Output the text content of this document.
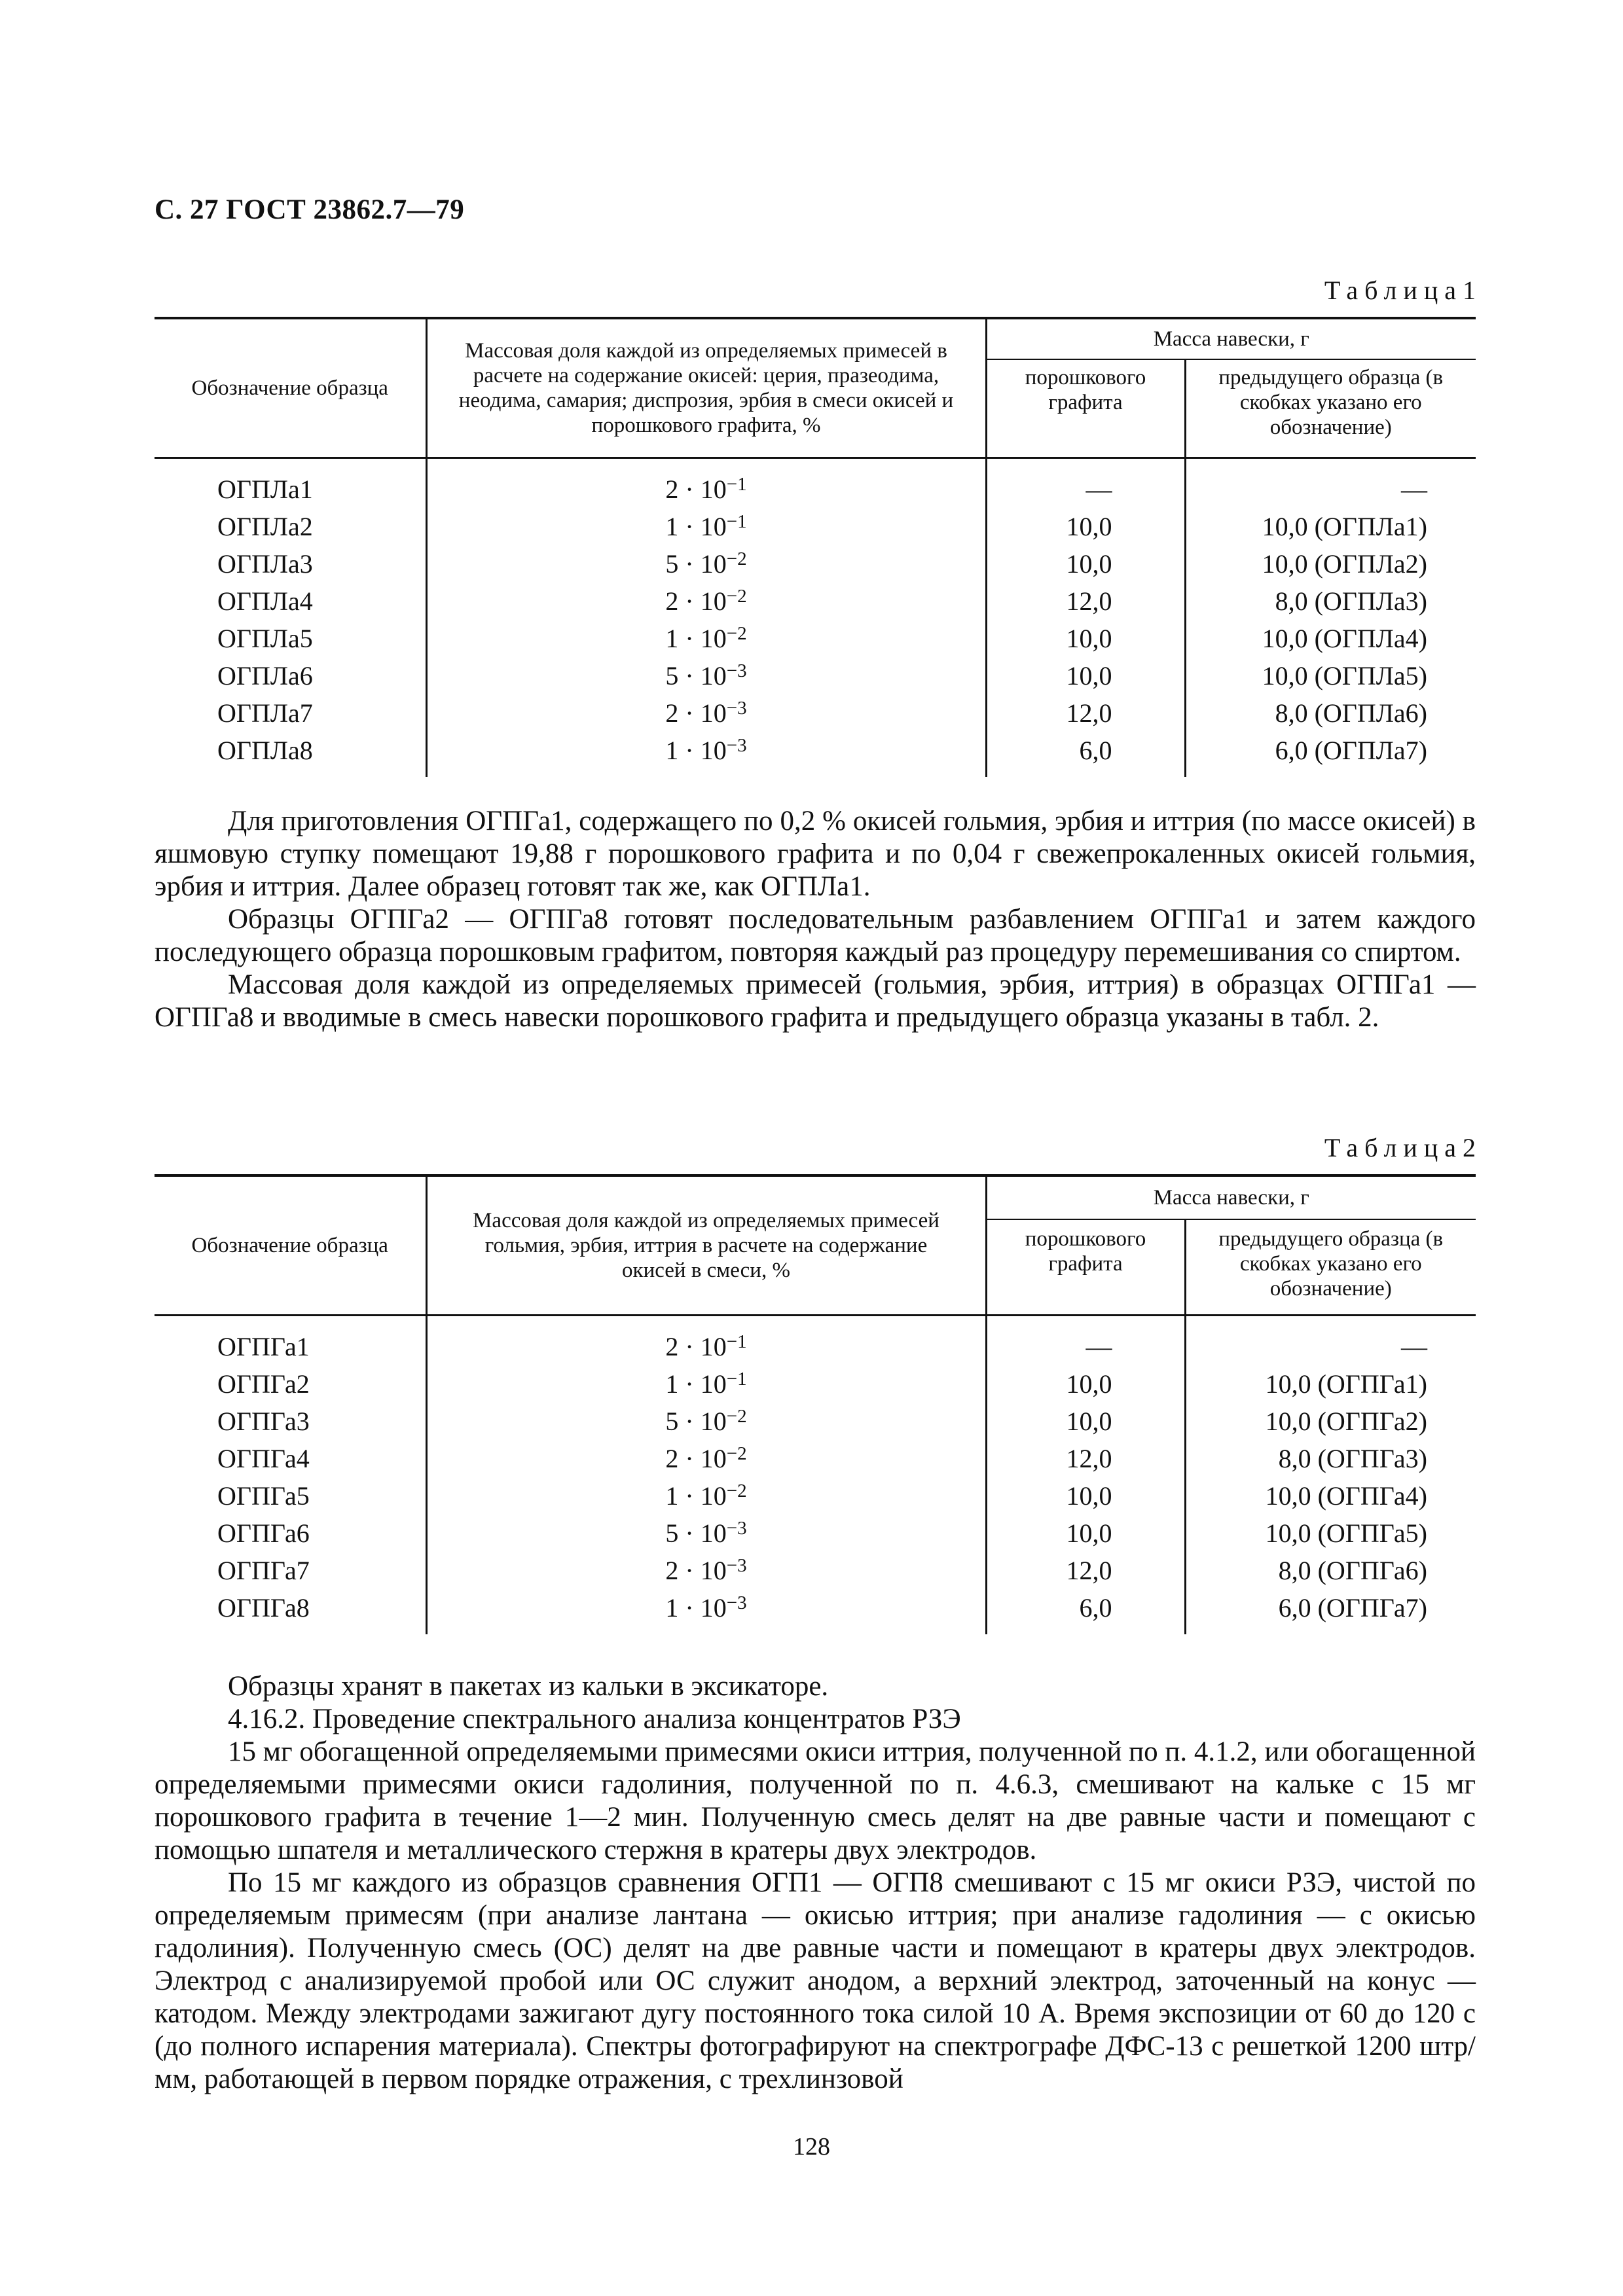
С. 27 ГОСТ 23862.7—79
Таблица1
Обозначение образца	Массовая доля каждой из определяемых примесей в расчете на содержание окисей: церия, празеодима, неодима, самария; диспрозия, эрбия в смеси окисей и порошкового графита, %	Масса навески, г	
		порошкового графита	предыдущего образца (в скобках указано его обозначение)
ОГПЛа1	$2 \cdot 10^{-1}$	—	—
ОГПЛа2	$1 \cdot 10^{-1}$	10,0	10,0 (ОГПЛа1)
ОГПЛа3	$5 \cdot 10^{-2}$	10,0	10,0 (ОГПЛа2)
ОГПЛа4	$2 \cdot 10^{-2}$	12,0	8,0 (ОГПЛа3)
ОГПЛа5	$1 \cdot 10^{-2}$	10,0	10,0 (ОГПЛа4)
ОГПЛа6	$5 \cdot 10^{-3}$	10,0	10,0 (ОГПЛа5)
ОГПЛа7	$2 \cdot 10^{-3}$	12,0	8,0 (ОГПЛа6)
ОГПЛа8	$1 \cdot 10^{-3}$	6,0	6,0 (ОГПЛа7)

Для приготовления ОГПГа1, содержащего по 0,2 % окисей гольмия, эрбия и иттрия (по массе окисей) в яшмовую ступку помещают 19,88 г порошкового графита и по 0,04 г свежепрокаленных окисей гольмия, эрбия и иттрия. Далее образец готовят так же, как ОГПЛа1.

Образцы ОГПГа2 — ОГПГа8 готовят последовательным разбавлением ОГПГа1 и затем каждого последующего образца порошковым графитом, повторяя каждый раз процедуру перемешивания со спиртом.

Массовая доля каждой из определяемых примесей (гольмия, эрбия, иттрия) в образцах ОГПГа1 — ОГПГа8 и вводимые в смесь навески порошкового графита и предыдущего образца указаны в табл. 2.

Таблица2
Обозначение образца	Массовая доля каждой из определяемых примесей гольмия, эрбия, иттрия в расчете на содержание окисей в смеси, %	Масса навески, г	
		порошкового графита	предыдущего образца (в скобках указано его обозначение)
ОГПГа1	$2 \cdot 10^{-1}$	—	—
ОГПГа2	$1 \cdot 10^{-1}$	10,0	10,0 (ОГПГа1)
ОГПГа3	$5 \cdot 10^{-2}$	10,0	10,0 (ОГПГа2)
ОГПГа4	$2 \cdot 10^{-2}$	12,0	8,0 (ОГПГа3)
ОГПГа5	$1 \cdot 10^{-2}$	10,0	10,0 (ОГПГа4)
ОГПГа6	$5 \cdot 10^{-3}$	10,0	10,0 (ОГПГа5)
ОГПГа7	$2 \cdot 10^{-3}$	12,0	8,0 (ОГПГа6)
ОГПГа8	$1 \cdot 10^{-3}$	6,0	6,0 (ОГПГа7)

Образцы хранят в пакетах из кальки в эксикаторе.

4.16.2. Проведение спектрального анализа концентратов РЗЭ

15 мг обогащенной определяемыми примесями окиси иттрия, полученной по п. 4.1.2, или обогащенной определяемыми примесями окиси гадолиния, полученной по п. 4.6.3, смешивают на кальке с 15 мг порошкового графита в течение 1—2 мин. Полученную смесь делят на две равные части и помещают с помощью шпателя и металлического стержня в кратеры двух электродов.

По 15 мг каждого из образцов сравнения ОГП1 — ОГП8 смешивают с 15 мг окиси РЗЭ, чистой по определяемым примесям (при анализе лантана — окисью иттрия; при анализе гадолиния — с окисью гадолиния). Полученную смесь (ОС) делят на две равные части и помещают в кратеры двух электродов. Электрод с анализируемой пробой или ОС служит анодом, а верхний электрод, заточенный на конус — катодом. Между электродами зажигают дугу постоянного тока силой 10 А. Время экспозиции от 60 до 120 с (до полного испарения материала). Спектры фотографируют на спектрографе ДФС-13 с решеткой 1200 штр/мм, работающей в первом порядке отражения, с трехлинзовой

128
